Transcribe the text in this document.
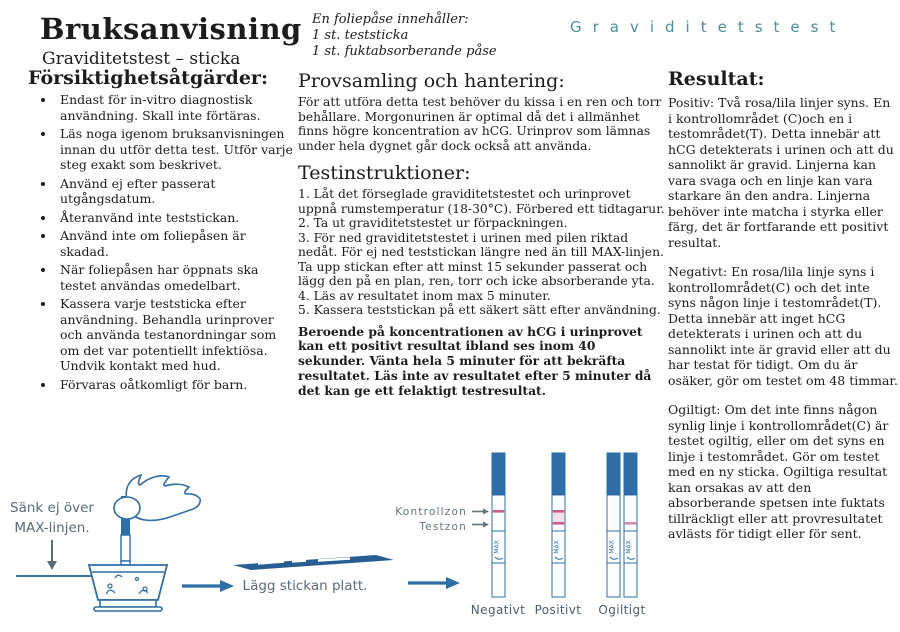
Bruksanvisning
Graviditetstest – sticka
En foliepåse innehåller:
1 st. teststicka
1 st. fuktabsorberande påse
Graviditetstest
Försiktighetsåtgärder:
• Endast för in-vitro diagnostisk användning. Skall inte förtäras.
• Läs noga igenom bruksanvisningen innan du utför detta test. Utför varje steg exakt som beskrivet.
• Använd ej efter passerat utgångsdatum.
• Återanvänd inte teststickan.
• Använd inte om foliepåsen är skadad.
• När foliepåsen har öppnats ska testet användas omedelbart.
• Kassera varje teststicka efter användning. Behandla urinprover och använda testanordningar som om det var potentiellt infektiösa. Undvik kontakt med hud.
• Förvaras oåtkomligt för barn.
Provsamling och hantering:

För att utföra detta test behöver du kissa i en ren och torr behållare. Morgonurinen är optimal då det i allmänhet finns högre koncentration av hCG. Urinprov som lämnas under hela dygnet går dock också att använda.

Testinstruktioner:
1. Låt det förseglade graviditetstestet och urinprovet uppnå rumstemperatur (18-30°C). Förbered ett tidtagarur.
2. Ta ut graviditetstestet ur förpackningen.
3. För ned graviditetstestet i urinen med pilen riktad nedåt. För ej ned teststickan längre ned än till MAX-linjen. Ta upp stickan efter att minst 15 sekunder passerat och lägg den på en plan, ren, torr och icke absorberande yta.
4. Läs av resultatet inom max 5 minuter.
5. Kassera teststickan på ett säkert sätt efter användning.

Beroende på koncentrationen av hCG i urinprovet kan ett positivt resultat ibland ses inom 40 sekunder. Vänta hela 5 minuter för att bekräfta resultatet. Läs inte av resultatet efter 5 minuter då det kan ge ett felaktigt testresultat.

Resultat:

Positiv: Två rosa/lila linjer syns. En i kontrollområdet (C)och en i testområdet(T). Detta innebär att hCG detekterats i urinen och att du sannolikt är gravid. Linjerna kan vara svaga och en linje kan vara starkare än den andra. Linjerna behöver inte matcha i styrka eller färg, det är fortfarande ett positivt resultat.

Negativt: En rosa/lila linje syns i kontrollområdet(C) och det inte syns någon linje i testområdet(T). Detta innebär att inget hCG detekterats i urinen och att du sannolikt inte är gravid eller att du har testat för tidigt. Om du är osäker, gör om testet om 48 timmar.

Ogiltigt: Om det inte finns någon synlig linje i kontrollområdet(C) är testet ogiltig, eller om det syns en linje i testområdet. Gör om testet med en ny sticka. Ogiltiga resultat kan orsakas av att den absorberande spetsen inte fuktats tillräckligt eller att provresultatet avlästs för tidigt eller för sent.

Sänk ej över
MAX-linjen.
Lägg stickan platt.
Kontrollzon
Testzon
MAX	MAX	MAX MAX
Negativt Positivt Ogiltigt
